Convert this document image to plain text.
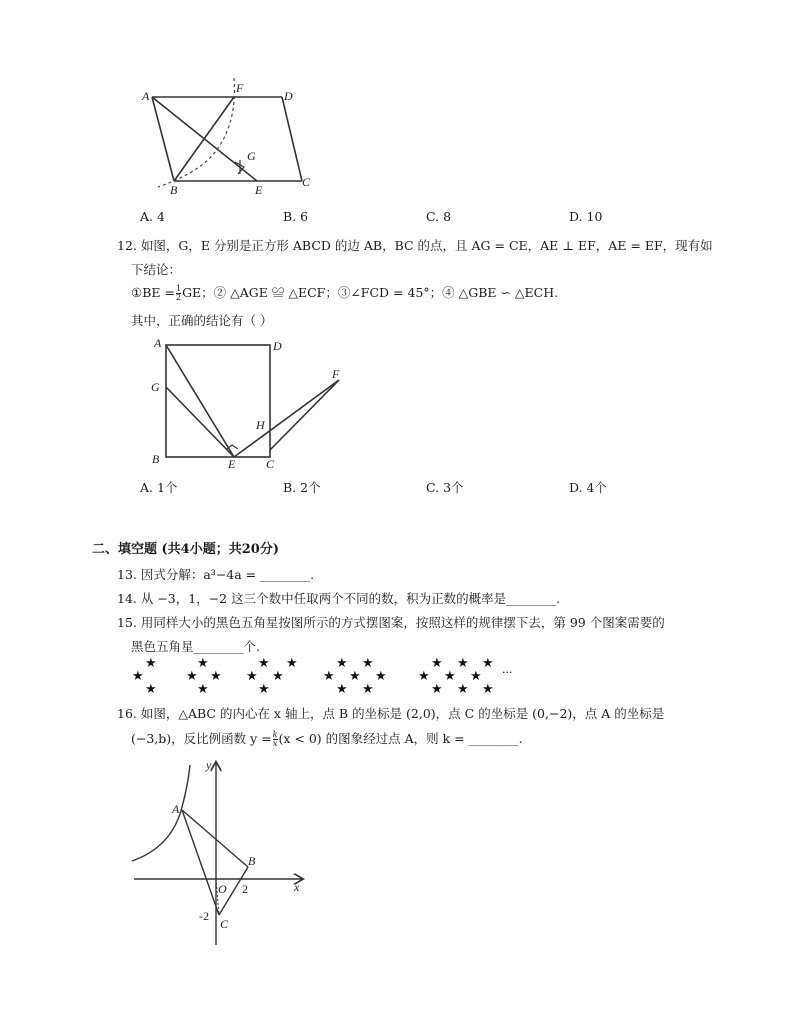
A
F
D
G
B	E
C
A. 4	B. 6	C. 8	D. 10
12. 如图，G，E 分别是正方形 ABCD 的边 AB，BC 的点，且 AG = CE，AE ⊥ EF，AE = EF，现有如
下结论：
①BE = $\frac{1}{2}$ GE；② △AGE ≌ △ECF；③∠FCD = 45°；④ △GBE ∽ △ECH.
其中，正确的结论有（ ）
A	D
G
F
H
B	E	C
A. 1个	B. 2个	C. 3个	D. 4个
二、填空题 (共4小题；共20分)
13. 因式分解：a³−4a = ________.
14. 从 −3，1，−2 这三个数中任取两个不同的数，积为正数的概率是________.
15. 用同样大小的黑色五角星按图所示的方式摆图案，按照这样的规律摆下去，第 99 个图案需要的
黑色五角星________个.
★
★
★
★
★ ★
★
★ ★
★ ★
★
★ ★
★ ★ ★
★ ★
★ ★ ★
★ ★ ★
★ ★ ★
···
16. 如图，△ABC 的内心在 x 轴上，点 B 的坐标是 (2,0)，点 C 的坐标是 (0,−2)，点 A 的坐标是
(−3,b)，反比例函数 $y = \frac{k}{x} (x < 0)$ 的图象经过点 A，则 k = ________.
y
x
A
B
O 2
C
-2
